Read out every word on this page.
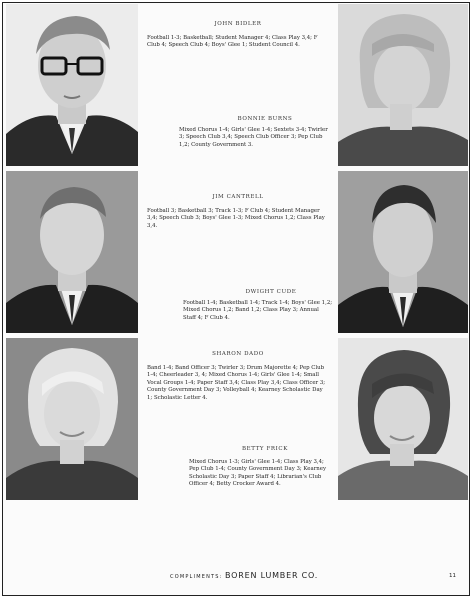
JOHN BIDLER
Football 1-3; Basketball; Student Manager 4; Class Play 3,4; F Club 4; Speech Club 4; Boys' Glee 1; Student Council 4.
BONNIE BURNS
Mixed Chorus 1-4; Girls' Glee 1-4; Sextets 3-4; Twirler 3; Speech Club 3,4; Speech Club Officer 3; Pep Club 1,2; County Government 3.
JIM CANTRELL
Football 3; Basketball 3; Track 1-3; F Club 4; Student Manager 3,4; Speech Club 3; Boys' Glee 1-3; Mixed Chorus 1,2; Class Play 3,4.
DWIGHT CUDE
Football 1-4; Basketball 1-4; Track 1-4; Boys' Glee 1,2; Mixed Chorus 1,2; Band 1,2; Class Play 3; Annual Staff 4; F Club 4.
SHARON DADO
Band 1-4; Band Officer 3; Twirler 3; Drum Majorette 4; Pep Club 1-4; Cheerleader 3, 4; Mixed Chorus 1-4; Girls' Glee 1-4; Small Vocal Groups 1-4; Paper Staff 3,4; Class Play 3,4; Class Officer 3; County Government Day 3; Volleyball 4; Kearney Scholastic Day 1; Scholastic Letter 4.
BETTY FRICK
Mixed Chorus 1-3; Girls' Glee 1-4; Class Play 3,4; Pep Club 1-4; County Government Day 3; Kearney Scholastic Day 3; Paper Staff 4; Librarian's Club Officer 4; Betty Crocker Award 4.
COMPLIMENTS: BOREN LUMBER CO.	11
